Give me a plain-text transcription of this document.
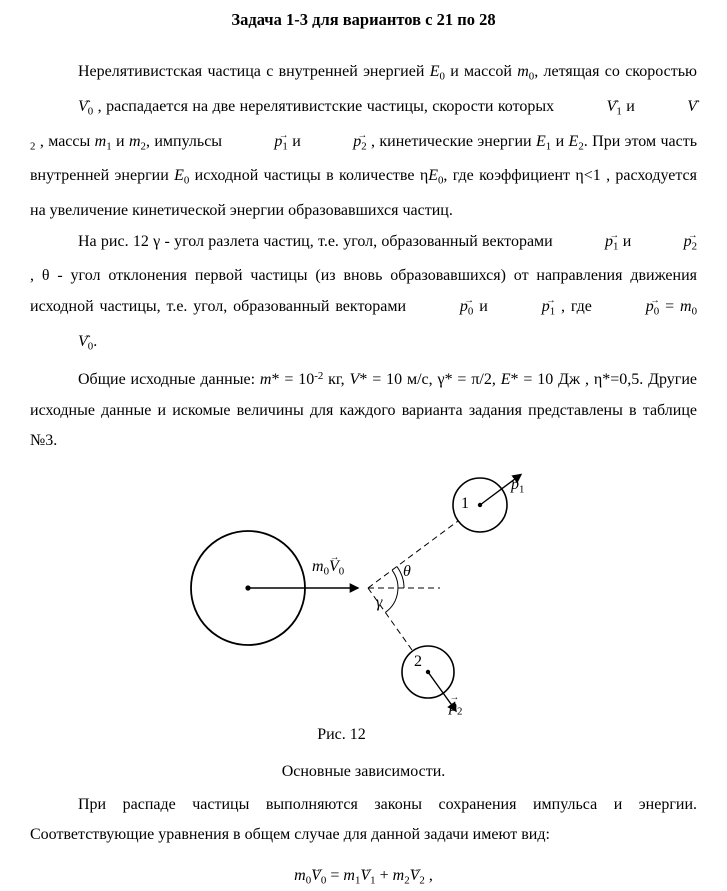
Задача 1-3 для вариантов с 21 по 28

Нерелятивистская частица с внутренней энергией $E_0$ и массой $m_0$, летящая со скоростью $V \to_0$ , распадается на две нерелятивистские частицы, скорости которых	$V \to_1$ и	$V \to_2$ , массы $m_1$ и $m_2$, импульсы	$p \to_1$ и	$p \to_2$ , кинетические энергии $E_1$ и $E_2$. При этом часть внутренней энергии $E_0$ исходной частицы в количестве $\eta E_0$, где коэффициент η<1 , расходуется на увеличение кинетической энергии образовавшихся частиц.

На рис. 12 γ - угол разлета частиц, т.е. угол, образованный векторами	$p \to_1$ и	$p \to_2$ , θ - угол отклонения первой частицы (из вновь образовавшихся) от направления движения исходной частицы, т.е. угол, образованный векторами	$p \to_0$ и	$p \to_1$ , где	$p \to_0 = m_0V \to_0$.

Общие исходные данные: $m* = 10^{-2}$ кг, V* = 10 м/с, γ* = π/2, E* = 10 Дж , η*=0,5. Другие исходные данные и искомые величины для каждого варианта задания представлены в таблице №3.

$m_0V \to_0$	θ
γ
1
2
$p \to_1$
$p \to_2$
Рис. 12
Основные зависимости.

При распаде частицы выполняются законы сохранения импульса и энергии. Соответствующие уравнения в общем случае для данной задачи имеют вид:

$m_0V \to_0 = m_1V \to_1 + m_2V \to_2$ ,
